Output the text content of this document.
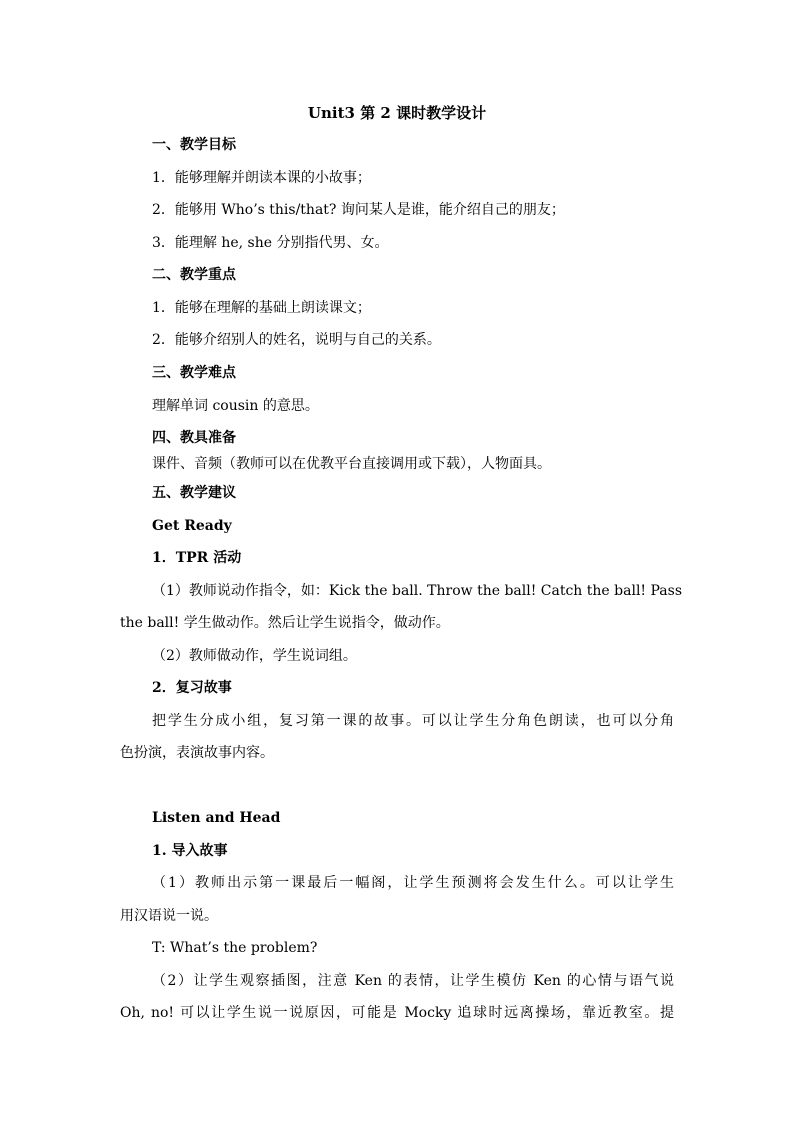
Unit3 第 2 课时教学设计
一、教学目标
1．能够理解并朗读本课的小故事；
2．能够用 Who’s this/that? 询问某人是谁，能介绍自己的朋友；
3．能理解 he, she 分别指代男、女。
二、教学重点
1．能够在理解的基础上朗读课文；
2．能够介绍别人的姓名，说明与自己的关系。
三、教学难点
理解单词 cousin 的意思。
四、教具准备
课件、音频（教师可以在优教平台直接调用或下载），人物面具。
五、教学建议
Get Ready
1．TPR 活动
（1）教师说动作指令，如：Kick the ball. Throw the ball! Catch the ball! Pass
the ball! 学生做动作。然后让学生说指令，做动作。
（2）教师做动作，学生说词组。
2．复习故事
把学生分成小组，复习第一课的故事。可以让学生分角色朗读，也可以分角
色扮演，表演故事内容。
Listen and Head
1. 导入故事
（1）教师出示第一课最后一幅阁，让学生预测将会发生什么。可以让学生
用汉语说一说。
T: What’s the problem?
（2）让学生观察插图，注意 Ken 的表情，让学生模仿 Ken 的心情与语气说
Oh, no! 可以让学生说一说原因，可能是 Mocky 追球时远离操场，靠近教室。提
